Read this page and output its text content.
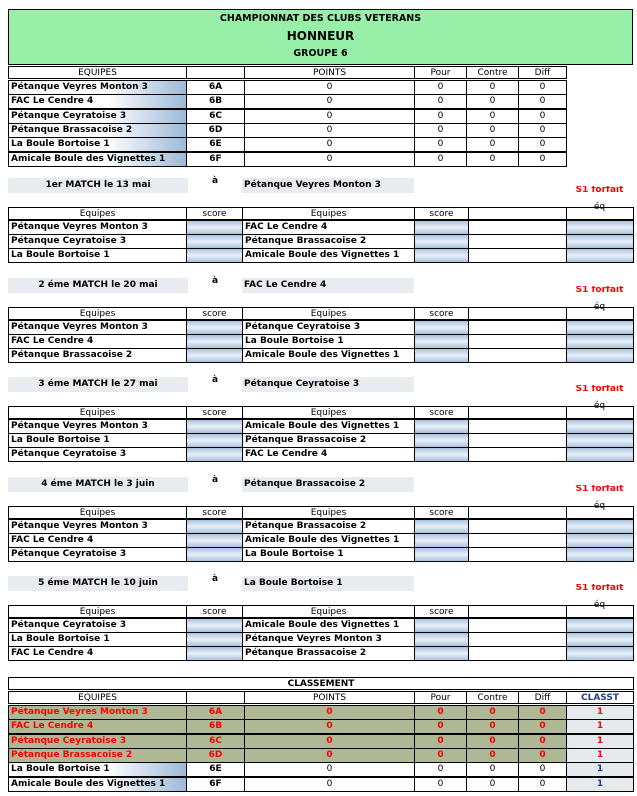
CHAMPIONNAT DES CLUBS VETERANS
HONNEUR
GROUPE 6
EQUIPES	POINTS	Pour	Contre	Diff
Pétanque Veyres Monton 3	6A	0	0	0	0
FAC Le Cendre 4	6B	0	0	0	0
Pétanque Ceyratoise 3	6C	0	0	0	0
Pétanque Brassacoise 2	6D	0	0	0	0
La Boule Bortoise 1	6E	0	0	0	0
Amicale Boule des Vignettes 1	6F	0	0	0	0
1er MATCH le 13 mai	à	Pétanque Veyres Monton 3
Equipes	score	Equipes	score
S1 forfait
éq
Pétanque Veyres Monton 3	FAC Le Cendre 4
Pétanque Ceyratoise 3	Pétanque Brassacoise 2
La Boule Bortoise 1	Amicale Boule des Vignettes 1
2 éme MATCH le 20 mai	à	FAC Le Cendre 4
Equipes	score	Equipes	score
S1 forfait
éq
Pétanque Veyres Monton 3	Pétanque Ceyratoise 3
FAC Le Cendre 4	La Boule Bortoise 1
Pétanque Brassacoise 2	Amicale Boule des Vignettes 1
3 éme MATCH le 27 mai	à	Pétanque Ceyratoise 3
Equipes	score	Equipes	score
S1 forfait
éq
Pétanque Veyres Monton 3	Amicale Boule des Vignettes 1
La Boule Bortoise 1	Pétanque Brassacoise 2
Pétanque Ceyratoise 3	FAC Le Cendre 4
4 éme MATCH le 3 juin	à	Pétanque Brassacoise 2
Equipes	score	Equipes	score
S1 forfait
éq
Pétanque Veyres Monton 3	Pétanque Brassacoise 2
FAC Le Cendre 4	Amicale Boule des Vignettes 1
Pétanque Ceyratoise 3	La Boule Bortoise 1
5 éme MATCH le 10 juin	à	La Boule Bortoise 1
Equipes	score	Equipes	score
S1 forfait
éq
Pétanque Ceyratoise 3	Amicale Boule des Vignettes 1
La Boule Bortoise 1	Pétanque Veyres Monton 3
FAC Le Cendre 4	Pétanque Brassacoise 2
CLASSEMENT
EQUIPES	POINTS	Pour	Contre	Diff	CLASST
Pétanque Veyres Monton 3	6A	0	0	0	0	1
FAC Le Cendre 4	6B	0	0	0	0	1
Pétanque Ceyratoise 3	6C	0	0	0	0	1
Pétanque Brassacoise 2	6D	0	0	0	0	1
La Boule Bortoise 1	6E	0	0	0	0	1
Amicale Boule des Vignettes 1	6F	0	0	0	0	1
